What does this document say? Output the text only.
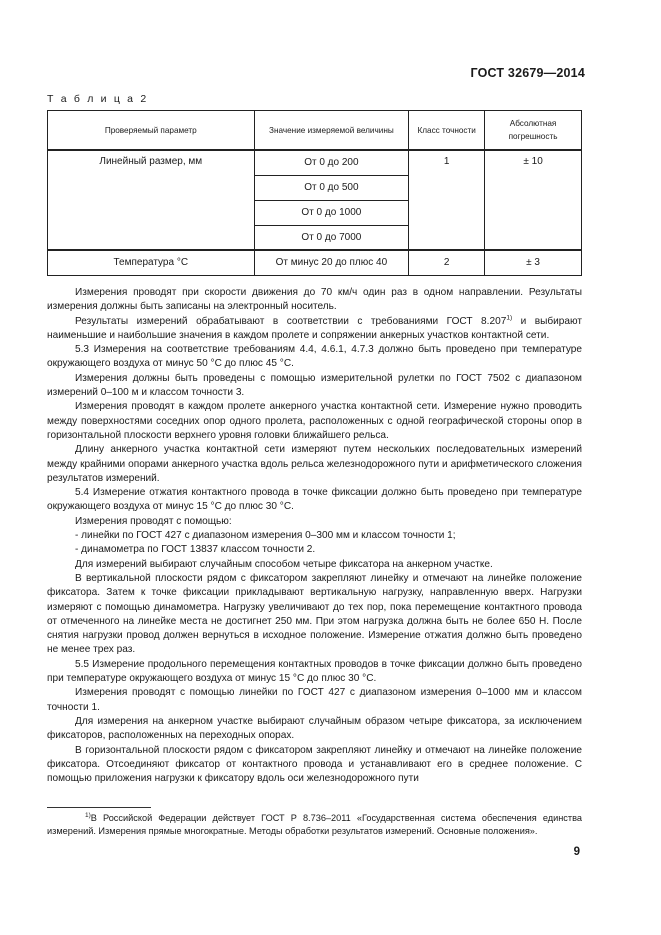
ГОСТ 32679—2014
Т а б л и ц а 2
Проверяемый параметр	Значение измеряемой величины	Класс точности	Абсолютная погрешность
Линейный размер, мм	От 0 до 200	1	± 10
	От 0 до 500		
	От 0 до 1000		
	От 0 до 7000		
Температура °С	От минус 20 до плюс 40	2	± 3

Измерения проводят при скорости движения до 70 км/ч один раз в одном направлении. Результаты измерения должны быть записаны на электронный носитель.

Результаты измерений обрабатывают в соответствии с требованиями ГОСТ 8.207$^{1)}$ и выбирают наименьшие и наибольшие значения в каждом пролете и сопряжении анкерных участков контактной сети.

5.3 Измерения на соответствие требованиям 4.4, 4.6.1, 4.7.3 должно быть проведено при температуре окружающего воздуха от минус 50 °С до плюс 45 °С.

Измерения должны быть проведены с помощью измерительной рулетки по ГОСТ 7502 с диапазоном измерений 0–100 м и классом точности 3.

Измерения проводят в каждом пролете анкерного участка контактной сети. Измерение нужно проводить между поверхностями соседних опор одного пролета, расположенных с одной географической стороны опор в горизонтальной плоскости верхнего уровня головки ближайшего рельса.

Длину анкерного участка контактной сети измеряют путем нескольких последовательных измерений между крайними опорами анкерного участка вдоль рельса железнодорожного пути и арифметического сложения результатов измерений.

5.4 Измерение отжатия контактного провода в точке фиксации должно быть проведено при температуре окружающего воздуха от минус 15 °С до плюс 30 °С.

Измерения проводят с помощью:

- линейки по ГОСТ 427 с диапазоном измерения 0–300 мм и классом точности 1;

- динамометра по ГОСТ 13837 классом точности 2.

Для измерений выбирают случайным способом четыре фиксатора на анкерном участке.

В вертикальной плоскости рядом с фиксатором закрепляют линейку и отмечают на линейке положение фиксатора. Затем к точке фиксации прикладывают вертикальную нагрузку, направленную вверх. Нагрузки измеряют с помощью динамометра. Нагрузку увеличивают до тех пор, пока перемещение контактного провода от отмеченного на линейке места не достигнет 250 мм. При этом нагрузка должна быть не более 650 Н. После снятия нагрузки провод должен вернуться в исходное положение. Измерение отжатия должно быть проведено не менее трех раз.

5.5 Измерение продольного перемещения контактных проводов в точке фиксации должно быть проведено при температуре окружающего воздуха от минус 15 °С до плюс 30 °С.

Измерения проводят с помощью линейки по ГОСТ 427 с диапазоном измерения 0–1000 мм и классом точности 1.

Для измерения на анкерном участке выбирают случайным образом четыре фиксатора, за исключением фиксаторов, расположенных на переходных опорах.

В горизонтальной плоскости рядом с фиксатором закрепляют линейку и отмечают на линейке положение фиксатора. Отсоединяют фиксатор от контактного провода и устанавливают его в среднее положение. С помощью приложения нагрузки к фиксатору вдоль оси железнодорожного пути

$^{1)}$В Российской Федерации действует ГОСТ Р 8.736–2011 «Государственная система обеспечения единства измерений. Измерения прямые многократные. Методы обработки результатов измерений. Основные положения».
9
